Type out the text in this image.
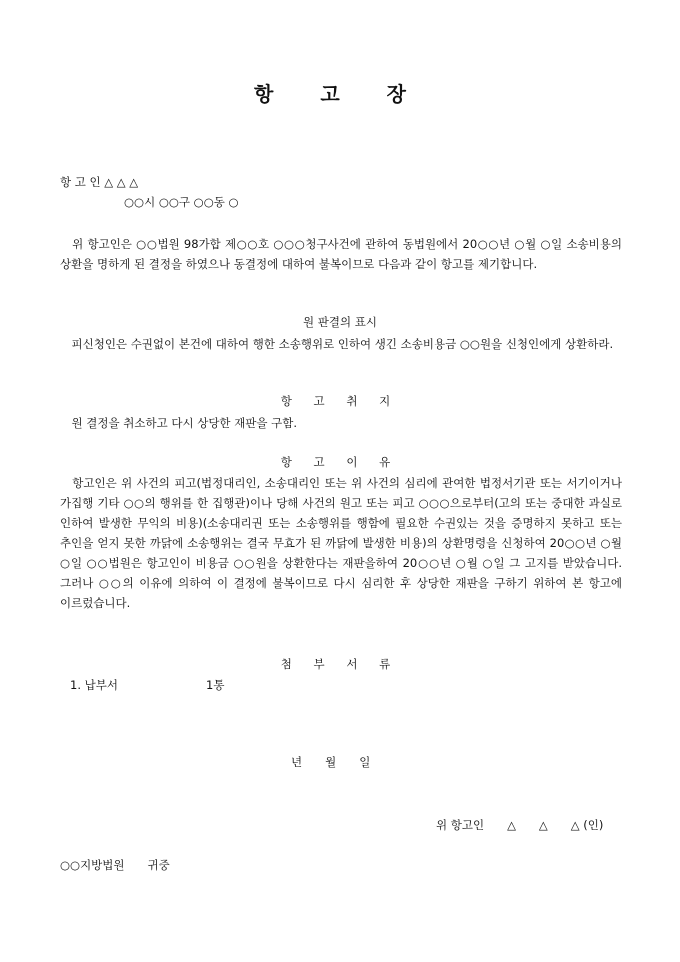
항 고 장
항 고 인 △ △ △
○○시 ○○구 ○○동 ○
　위 항고인은 ○○법원 98가합 제○○호 ○○○청구사건에 관하여 동법원에서 20○○년 ○월 ○일 소송비용의 상환을 명하게 된 결정을 하였으나 동결정에 대하여 불복이므로 다음과 같이 항고를 제기합니다.
원 판결의 표시
　피신청인은 수권없이 본건에 대하여 행한 소송행위로 인하여 생긴 소송비용금 ○○원을 신청인에게 상환하라.
항 고 취 지
　원 결정을 취소하고 다시 상당한 재판을 구함.
항 고 이 유
　항고인은 위 사건의 피고(법정대리인, 소송대리인 또는 위 사건의 심리에 관여한 법정서기관 또는 서기이거나 가집행 기타 ○○의 행위를 한 집행관)이나 당해 사건의 원고 또는 피고 ○○○으로부터(고의 또는 중대한 과실로 인하여 발생한 무익의 비용)(소송대리권 또는 소송행위를 행함에 필요한 수권있는 것을 증명하지 못하고 또는 추인을 얻지 못한 까닭에 소송행위는 결국 무효가 된 까닭에 발생한 비용)의 상환명령을 신청하여 20○○년 ○월 ○일 ○○법원은 항고인이 비용금 ○○원을 상환한다는 재판을하여 20○○년 ○월 ○일 그 고지를 받았습니다. 그러나 ○○의 이유에 의하여 이 결정에 불복이므로 다시 심리한 후 상당한 재판을 구하기 위하여 본 항고에 이르렀습니다.
첨 부 서 류
1. 납부서	1통
년　　월　　일
위 항고인　　△　　△　　△ (인)
○○지방법원　　귀중
